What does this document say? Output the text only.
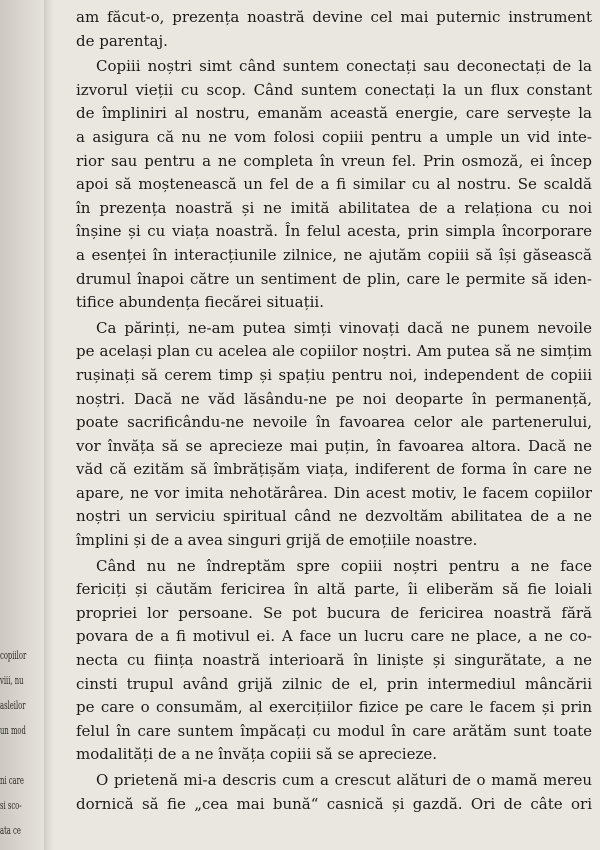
copiilor
viii, nu
asleilor
un mod
ni care
si sco-
ata ce
am făcut-o, prezența noastră devine cel mai puternic instrument
de parentaj.
Copiii noștri simt când suntem conectați sau deconectați de la
izvorul vieții cu scop. Când suntem conectați la un flux constant
de împliniri al nostru, emanăm această energie, care servește la
a asigura că nu ne vom folosi copiii pentru a umple un vid inte-
rior sau pentru a ne completa în vreun fel. Prin osmoză, ei încep
apoi să moștenească un fel de a fi similar cu al nostru. Se scaldă
în prezența noastră și ne imită abilitatea de a relaționa cu noi
înșine și cu viața noastră. În felul acesta, prin simpla încorporare
a esenței în interacțiunile zilnice, ne ajutăm copiii să își găsească
drumul înapoi către un sentiment de plin, care le permite să iden-
tifice abundența fiecărei situații.
Ca părinți, ne-am putea simți vinovați dacă ne punem nevoile
pe același plan cu acelea ale copiilor noștri. Am putea să ne simțim
rușinați să cerem timp și spațiu pentru noi, independent de copiii
noștri. Dacă ne văd lăsându-ne pe noi deoparte în permanență,
poate sacrificându-ne nevoile în favoarea celor ale partenerului,
vor învăța să se aprecieze mai puțin, în favoarea altora. Dacă ne
văd că ezităm să îmbrățișăm viața, indiferent de forma în care ne
apare, ne vor imita nehotărârea. Din acest motiv, le facem copiilor
noștri un serviciu spiritual când ne dezvoltăm abilitatea de a ne
împlini și de a avea singuri grijă de emoțiile noastre.
Când nu ne îndreptăm spre copiii noștri pentru a ne face
fericiți și căutăm fericirea în altă parte, îi eliberăm să fie loiali
propriei lor persoane. Se pot bucura de fericirea noastră fără
povara de a fi motivul ei. A face un lucru care ne place, a ne co-
necta cu ființa noastră interioară în liniște și singurătate, a ne
cinsti trupul având grijă zilnic de el, prin intermediul mâncării
pe care o consumăm, al exercițiilor fizice pe care le facem și prin
felul în care suntem împăcați cu modul în care arătăm sunt toate
modalități de a ne învăța copiii să se aprecieze.
O prietenă mi-a descris cum a crescut alături de o mamă mereu
dornică să fie „cea mai bună“ casnică și gazdă. Ori de câte ori
